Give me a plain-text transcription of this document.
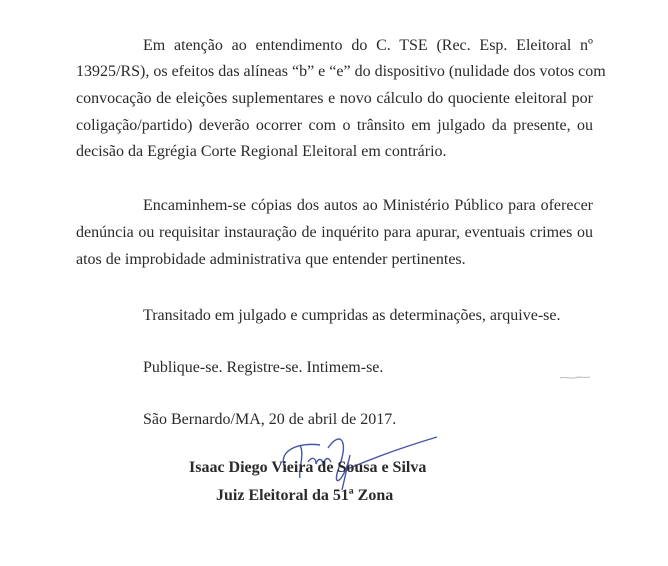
Em atenção ao entendimento do C. TSE (Rec. Esp. Eleitoral nº
13925/RS), os efeitos das alíneas “b” e “e” do dispositivo (nulidade dos votos com
convocação de eleições suplementares e novo cálculo do quociente eleitoral por
coligação/partido) deverão ocorrer com o trânsito em julgado da presente, ou
decisão da Egrégia Corte Regional Eleitoral em contrário.
Encaminhem-se cópias dos autos ao Ministério Público para oferecer
denúncia ou requisitar instauração de inquérito para apurar, eventuais crimes ou
atos de improbidade administrativa que entender pertinentes.
Transitado em julgado e cumpridas as determinações, arquive-se.
Publique-se. Registre-se. Intimem-se.
São Bernardo/MA, 20 de abril de 2017.
Isaac Diego Vieira de Sousa e Silva
Juiz Eleitoral da 51ª Zona
